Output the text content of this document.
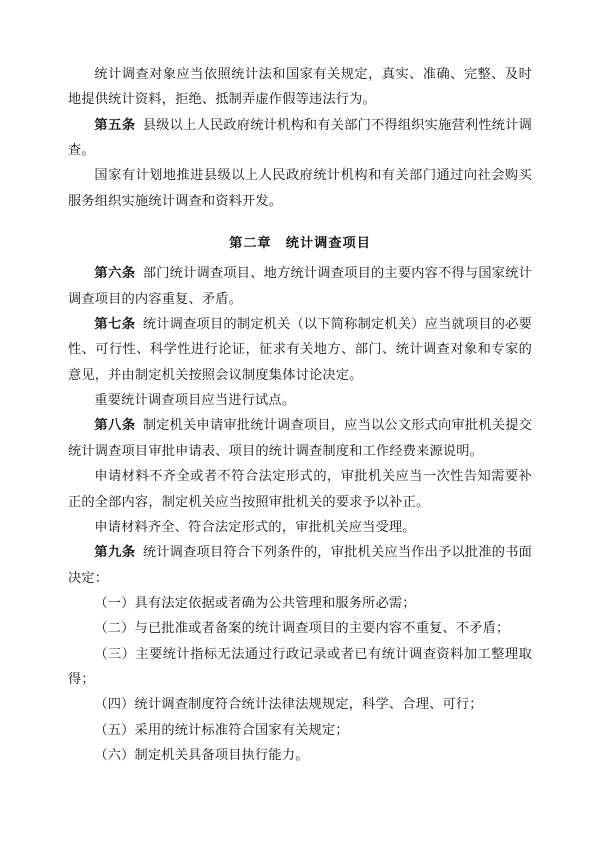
统计调查对象应当依照统计法和国家有关规定，真实、准确、完整、及时地提供统计资料，拒绝、抵制弄虚作假等违法行为。

第五条 县级以上人民政府统计机构和有关部门不得组织实施营利性统计调查。

国家有计划地推进县级以上人民政府统计机构和有关部门通过向社会购买服务组织实施统计调查和资料开发。

第二章　统计调查项目

第六条 部门统计调查项目、地方统计调查项目的主要内容不得与国家统计调查项目的内容重复、矛盾。

第七条 统计调查项目的制定机关（以下简称制定机关）应当就项目的必要性、可行性、科学性进行论证，征求有关地方、部门、统计调查对象和专家的意见，并由制定机关按照会议制度集体讨论决定。

重要统计调查项目应当进行试点。

第八条 制定机关申请审批统计调查项目，应当以公文形式向审批机关提交统计调查项目审批申请表、项目的统计调查制度和工作经费来源说明。

申请材料不齐全或者不符合法定形式的，审批机关应当一次性告知需要补正的全部内容，制定机关应当按照审批机关的要求予以补正。

申请材料齐全、符合法定形式的，审批机关应当受理。

第九条 统计调查项目符合下列条件的，审批机关应当作出予以批准的书面决定：

（一）具有法定依据或者确为公共管理和服务所必需；

（二）与已批准或者备案的统计调查项目的主要内容不重复、不矛盾；

（三）主要统计指标无法通过行政记录或者已有统计调查资料加工整理取得；

（四）统计调查制度符合统计法律法规规定，科学、合理、可行；

（五）采用的统计标准符合国家有关规定；

（六）制定机关具备项目执行能力。
